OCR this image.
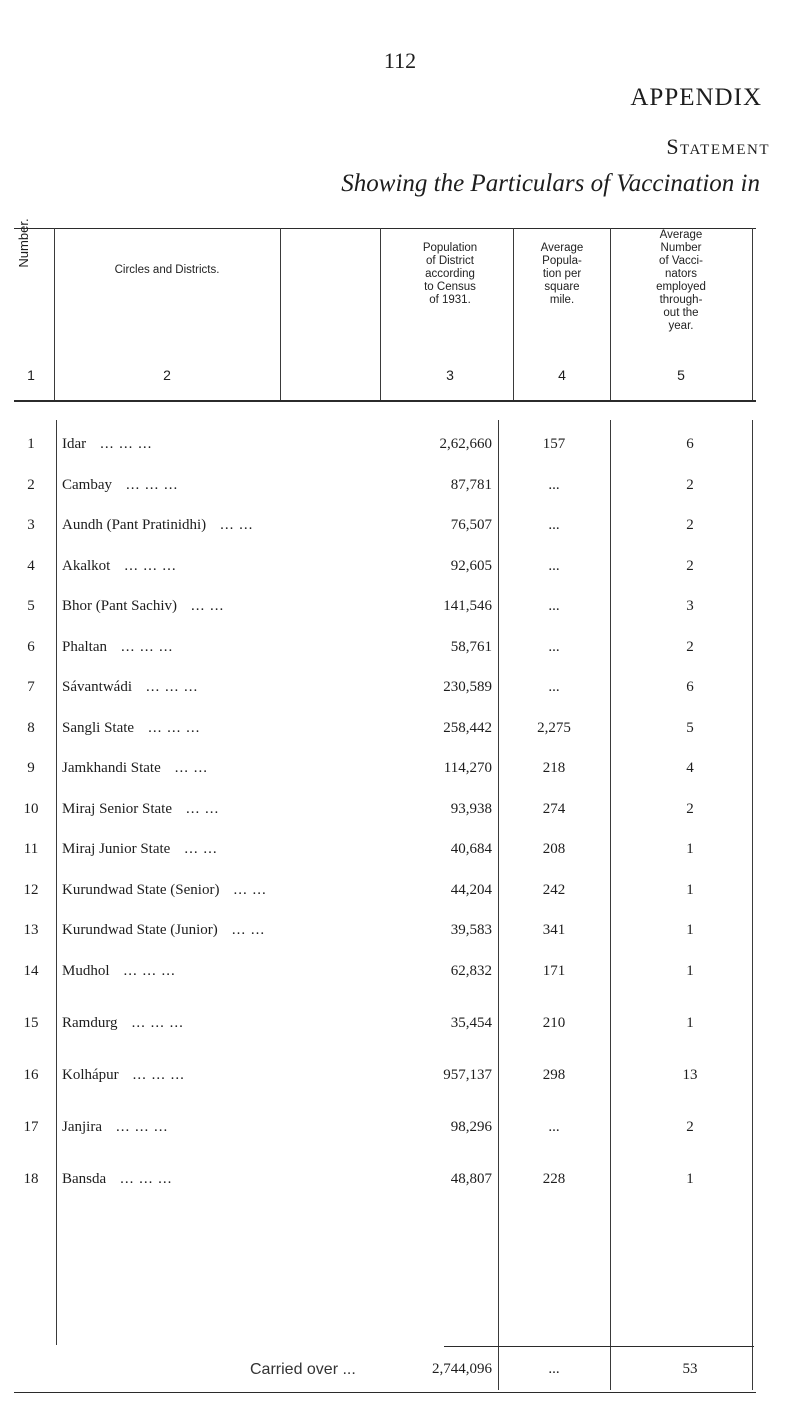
112
APPENDIX
Statement
Showing the Particulars of Vaccination in
Number.
Circles and Districts.
Population
of District
according
to Census
of 1931.
Average
Popula-
tion per
square
mile.
Average
Number
of Vacci-
nators
employed
through-
out the
year.
1	2	3	4	5
1	Idar ... ... ...	2,62,660	157	6
2	Cambay ... ... ...	87,781	...	2
3	Aundh (Pant Pratinidhi) ... ...	76,507	...	2
4	Akalkot ... ... ...	92,605	...	2
5	Bhor (Pant Sachiv) ... ...	141,546	...	3
6	Phaltan ... ... ...	58,761	...	2
7	Sávantwádi ... ... ...	230,589	...	6
8	Sangli State ... ... ...	258,442	2,275	5
9	Jamkhandi State ... ...	114,270	218	4
10	Miraj Senior State ... ...	93,938	274	2
11	Miraj Junior State ... ...	40,684	208	1
12	Kurundwad State (Senior) ... ...	44,204	242	1
13	Kurundwad State (Junior) ... ...	39,583	341	1
14	Mudhol ... ... ...	62,832	171	1
15	Ramdurg ... ... ...	35,454	210	1
16	Kolhápur ... ... ...	957,137	298	13
17	Janjira ... ... ...	98,296	...	2
18	Bansda ... ... ...	48,807	228	1
Carried over ...	2,744,096	...	53
